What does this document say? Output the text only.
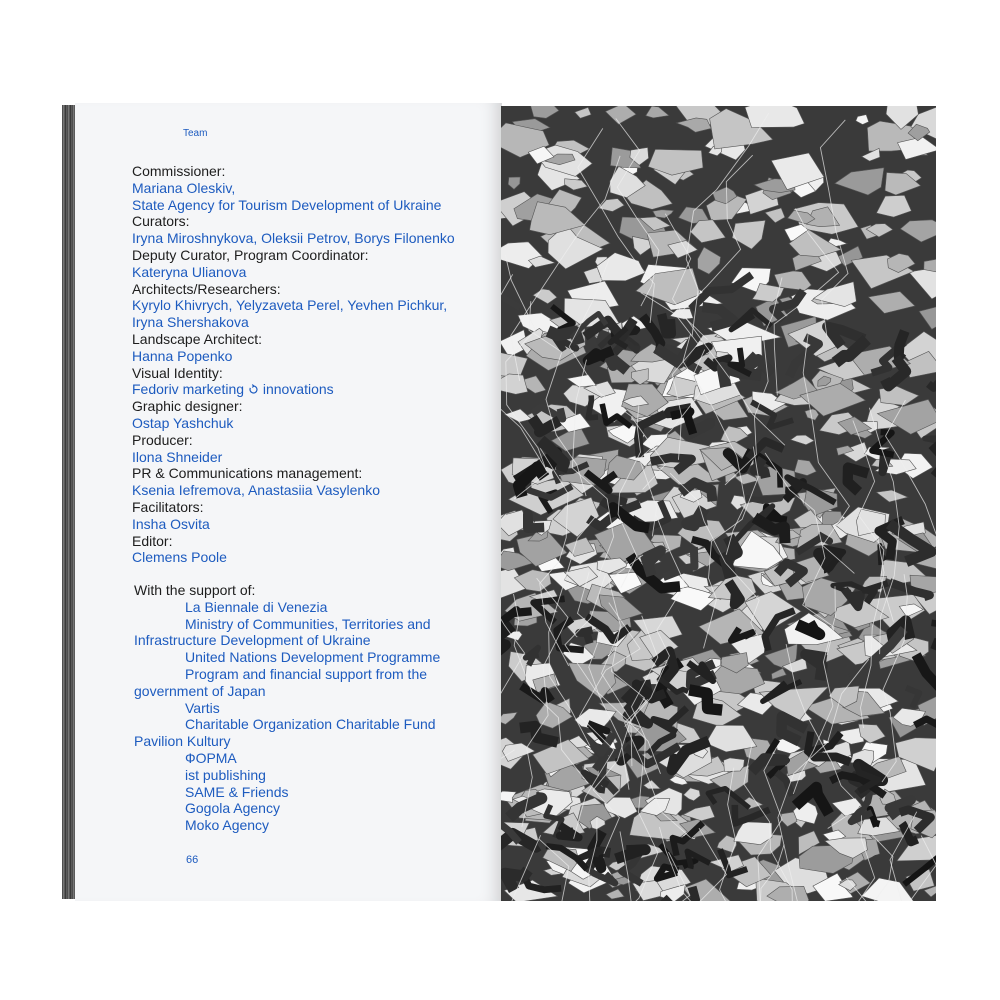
Team
Commissioner:
Mariana Oleskiv,
State Agency for Tourism Development of Ukraine
Curators:
Iryna Miroshnykova, Oleksii Petrov, Borys Filonenko
Deputy Curator, Program Coordinator:
Kateryna Ulianova
Architects/Researchers:
Kyrylo Khivrych, Yelyzaveta Perel, Yevhen Pichkur,
Iryna Shershakova
Landscape Architect:
Hanna Popenko
Visual Identity:
Fedoriv marketing innovations
Graphic designer:
Ostap Yashchuk
Producer:
Ilona Shneider
PR & Communications management:
Ksenia Iefremova, Anastasiia Vasylenko
Facilitators:
Insha Osvita
Editor:
Clemens Poole
With the support of:
La Biennale di Venezia
Ministry of Communities, Territories and
Infrastructure Development of Ukraine
United Nations Development Programme
Program and financial support from the
government of Japan
Vartis
Charitable Organization Charitable Fund
Pavilion Kultury
ФОРМА
ist publishing
SAME & Friends
Gogola Agency
Moko Agency
66
